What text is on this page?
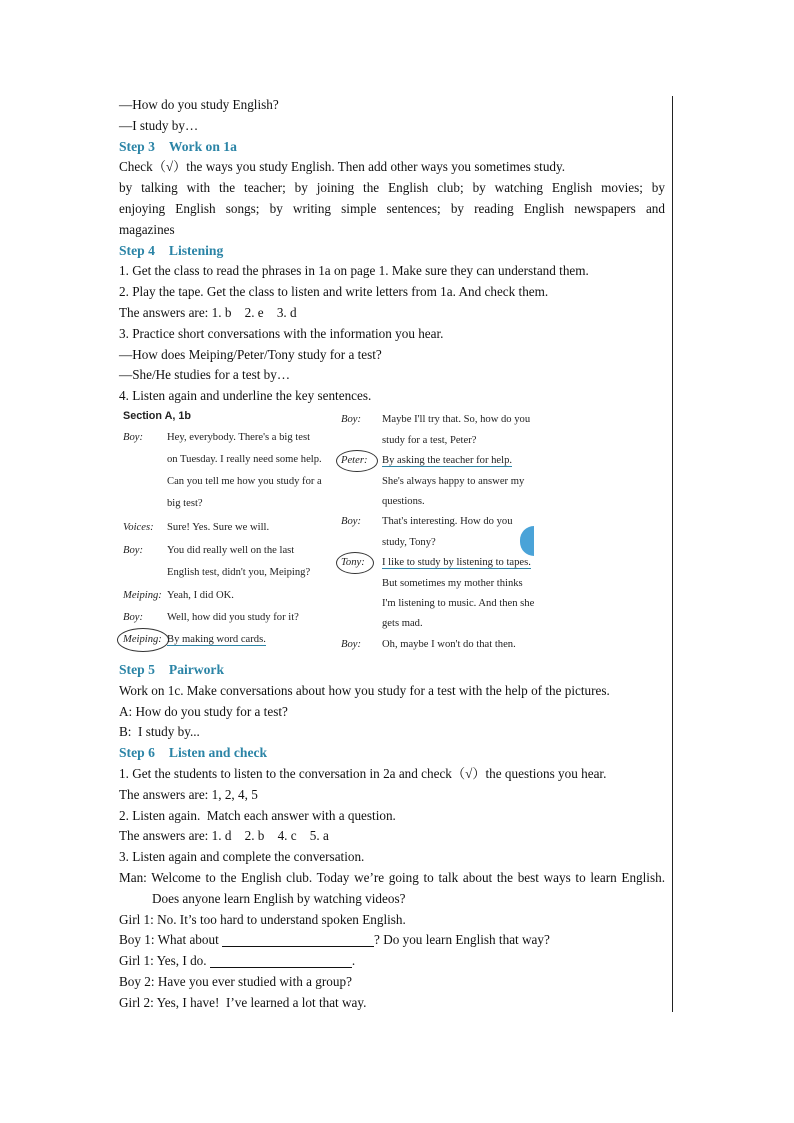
—How do you study English?
—I study by…
Step 3 Work on 1a
Check（√）the ways you study English. Then add other ways you sometimes study.
by talking with the teacher; by joining the English club; by watching English movies; by
enjoying English songs; by writing simple sentences; by reading English newspapers and
magazines
Step 4 Listening
1. Get the class to read the phrases in 1a on page 1. Make sure they can understand them.
2. Play the tape. Get the class to listen and write letters from 1a. And check them.
The answers are: 1. b    2. e    3. d
3. Practice short conversations with the information you hear.
—How does Meiping/Peter/Tony study for a test?
—She/He studies for a test by…
4. Listen again and underline the key sentences.
Section A, 1b
Boy: Hey, everybody. There's a big test
on Tuesday. I really need some help.
Can you tell me how you study for a
big test?
Voices: Sure! Yes. Sure we will.
Boy: You did really well on the last
English test, didn't you, Meiping?
Meiping: Yeah, I did OK.
Boy: Well, how did you study for it?
Meiping: By making word cards.
Boy: Maybe I'll try that. So, how do you
study for a test, Peter?
Peter: By asking the teacher for help.
She's always happy to answer my
questions.
Boy: That's interesting. How do you
study, Tony?
Tony: I like to study by listening to tapes.
But sometimes my mother thinks
I'm listening to music. And then she
gets mad.
Boy: Oh, maybe I won't do that then.
Step 5 Pairwork
Work on 1c. Make conversations about how you study for a test with the help of the pictures.
A: How do you study for a test?
B:  I study by...
Step 6 Listen and check
1. Get the students to listen to the conversation in 2a and check（√）the questions you hear.
The answers are: 1, 2, 4, 5
2. Listen again.  Match each answer with a question.
The answers are: 1. d    2. b    4. c    5. a
3. Listen again and complete the conversation.
Man: Welcome to the English club. Today we’re going to talk about the best ways to learn English. Does anyone learn English by watching videos?
Girl 1: No. It’s too hard to understand spoken English.
Boy 1: What about	? Do you learn English that way?
Girl 1: Yes, I do.	.
Boy 2: Have you ever studied with a group?
Girl 2: Yes, I have!  I’ve learned a lot that way.
